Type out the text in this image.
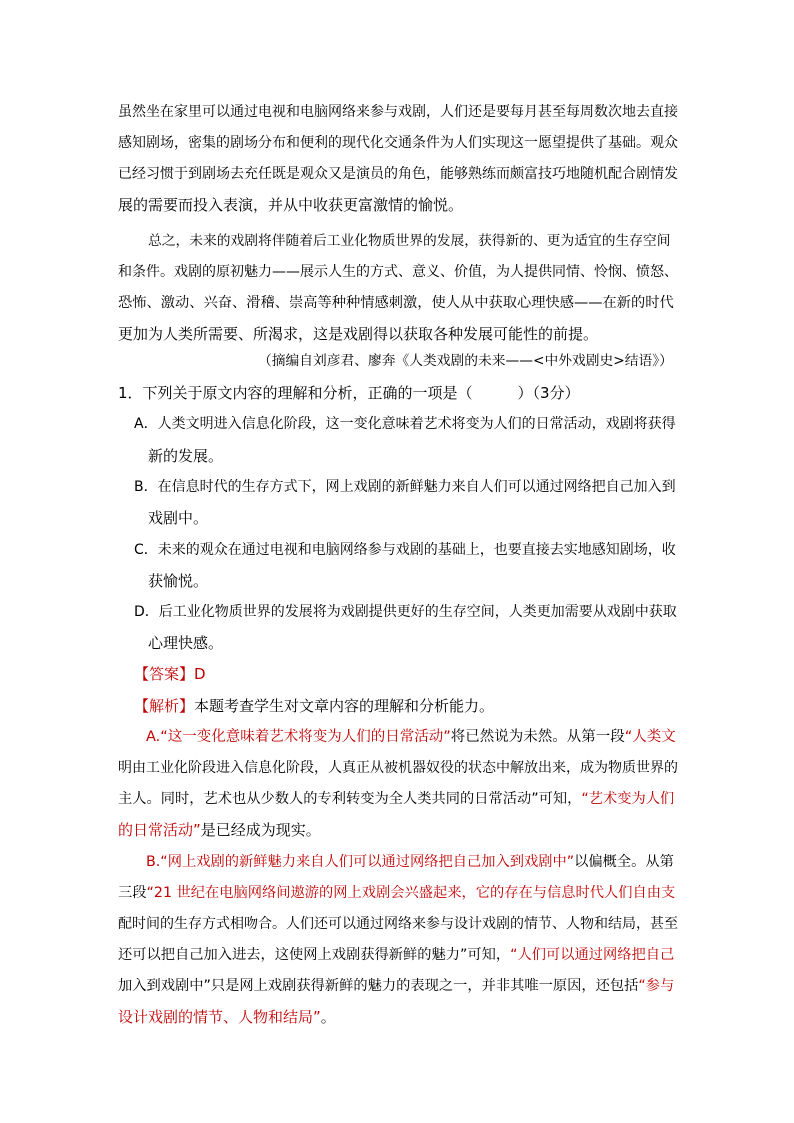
虽然坐在家里可以通过电视和电脑网络来参与戏剧，人们还是要每月甚至每周数次地去直接
感知剧场，密集的剧场分布和便利的现代化交通条件为人们实现这一愿望提供了基础。观众
已经习惯于到剧场去充任既是观众又是演员的角色，能够熟练而颇富技巧地随机配合剧情发
展的需要而投入表演，并从中收获更富激情的愉悦。
总之，未来的戏剧将伴随着后工业化物质世界的发展，获得新的、更为适宜的生存空间
和条件。戏剧的原初魅力——展示人生的方式、意义、价值，为人提供同情、怜悯、愤怒、
恐怖、激动、兴奋、滑稽、崇高等种种情感刺激，使人从中获取心理快感——在新的时代
更加为人类所需要、所渴求，这是戏剧得以获取各种发展可能性的前提。
（摘编自刘彦君、廖奔《人类戏剧的未来——<中外戏剧史>结语》）
1．下列关于原文内容的理解和分析，正确的一项是（　　　）（3分）
A．人类文明进入信息化阶段，这一变化意味着艺术将变为人们的日常活动，戏剧将获得
新的发展。
B．在信息时代的生存方式下，网上戏剧的新鲜魅力来自人们可以通过网络把自己加入到
戏剧中。
C．未来的观众在通过电视和电脑网络参与戏剧的基础上，也要直接去实地感知剧场，收
获愉悦。
D．后工业化物质世界的发展将为戏剧提供更好的生存空间，人类更加需要从戏剧中获取
心理快感。
【答案】D
【解析】本题考查学生对文章内容的理解和分析能力。
A.“这一变化意味着艺术将变为人们的日常活动”将已然说为未然。从第一段“人类文
明由工业化阶段进入信息化阶段，人真正从被机器奴役的状态中解放出来，成为物质世界的
主人。同时，艺术也从少数人的专利转变为全人类共同的日常活动”可知，“艺术变为人们
的日常活动”是已经成为现实。
B.“网上戏剧的新鲜魅力来自人们可以通过网络把自己加入到戏剧中”以偏概全。从第
三段“21 世纪在电脑网络间遨游的网上戏剧会兴盛起来，它的存在与信息时代人们自由支
配时间的生存方式相吻合。人们还可以通过网络来参与设计戏剧的情节、人物和结局，甚至
还可以把自己加入进去，这使网上戏剧获得新鲜的魅力”可知，“人们可以通过网络把自己
加入到戏剧中”只是网上戏剧获得新鲜的魅力的表现之一，并非其唯一原因，还包括“参与
设计戏剧的情节、人物和结局”。
